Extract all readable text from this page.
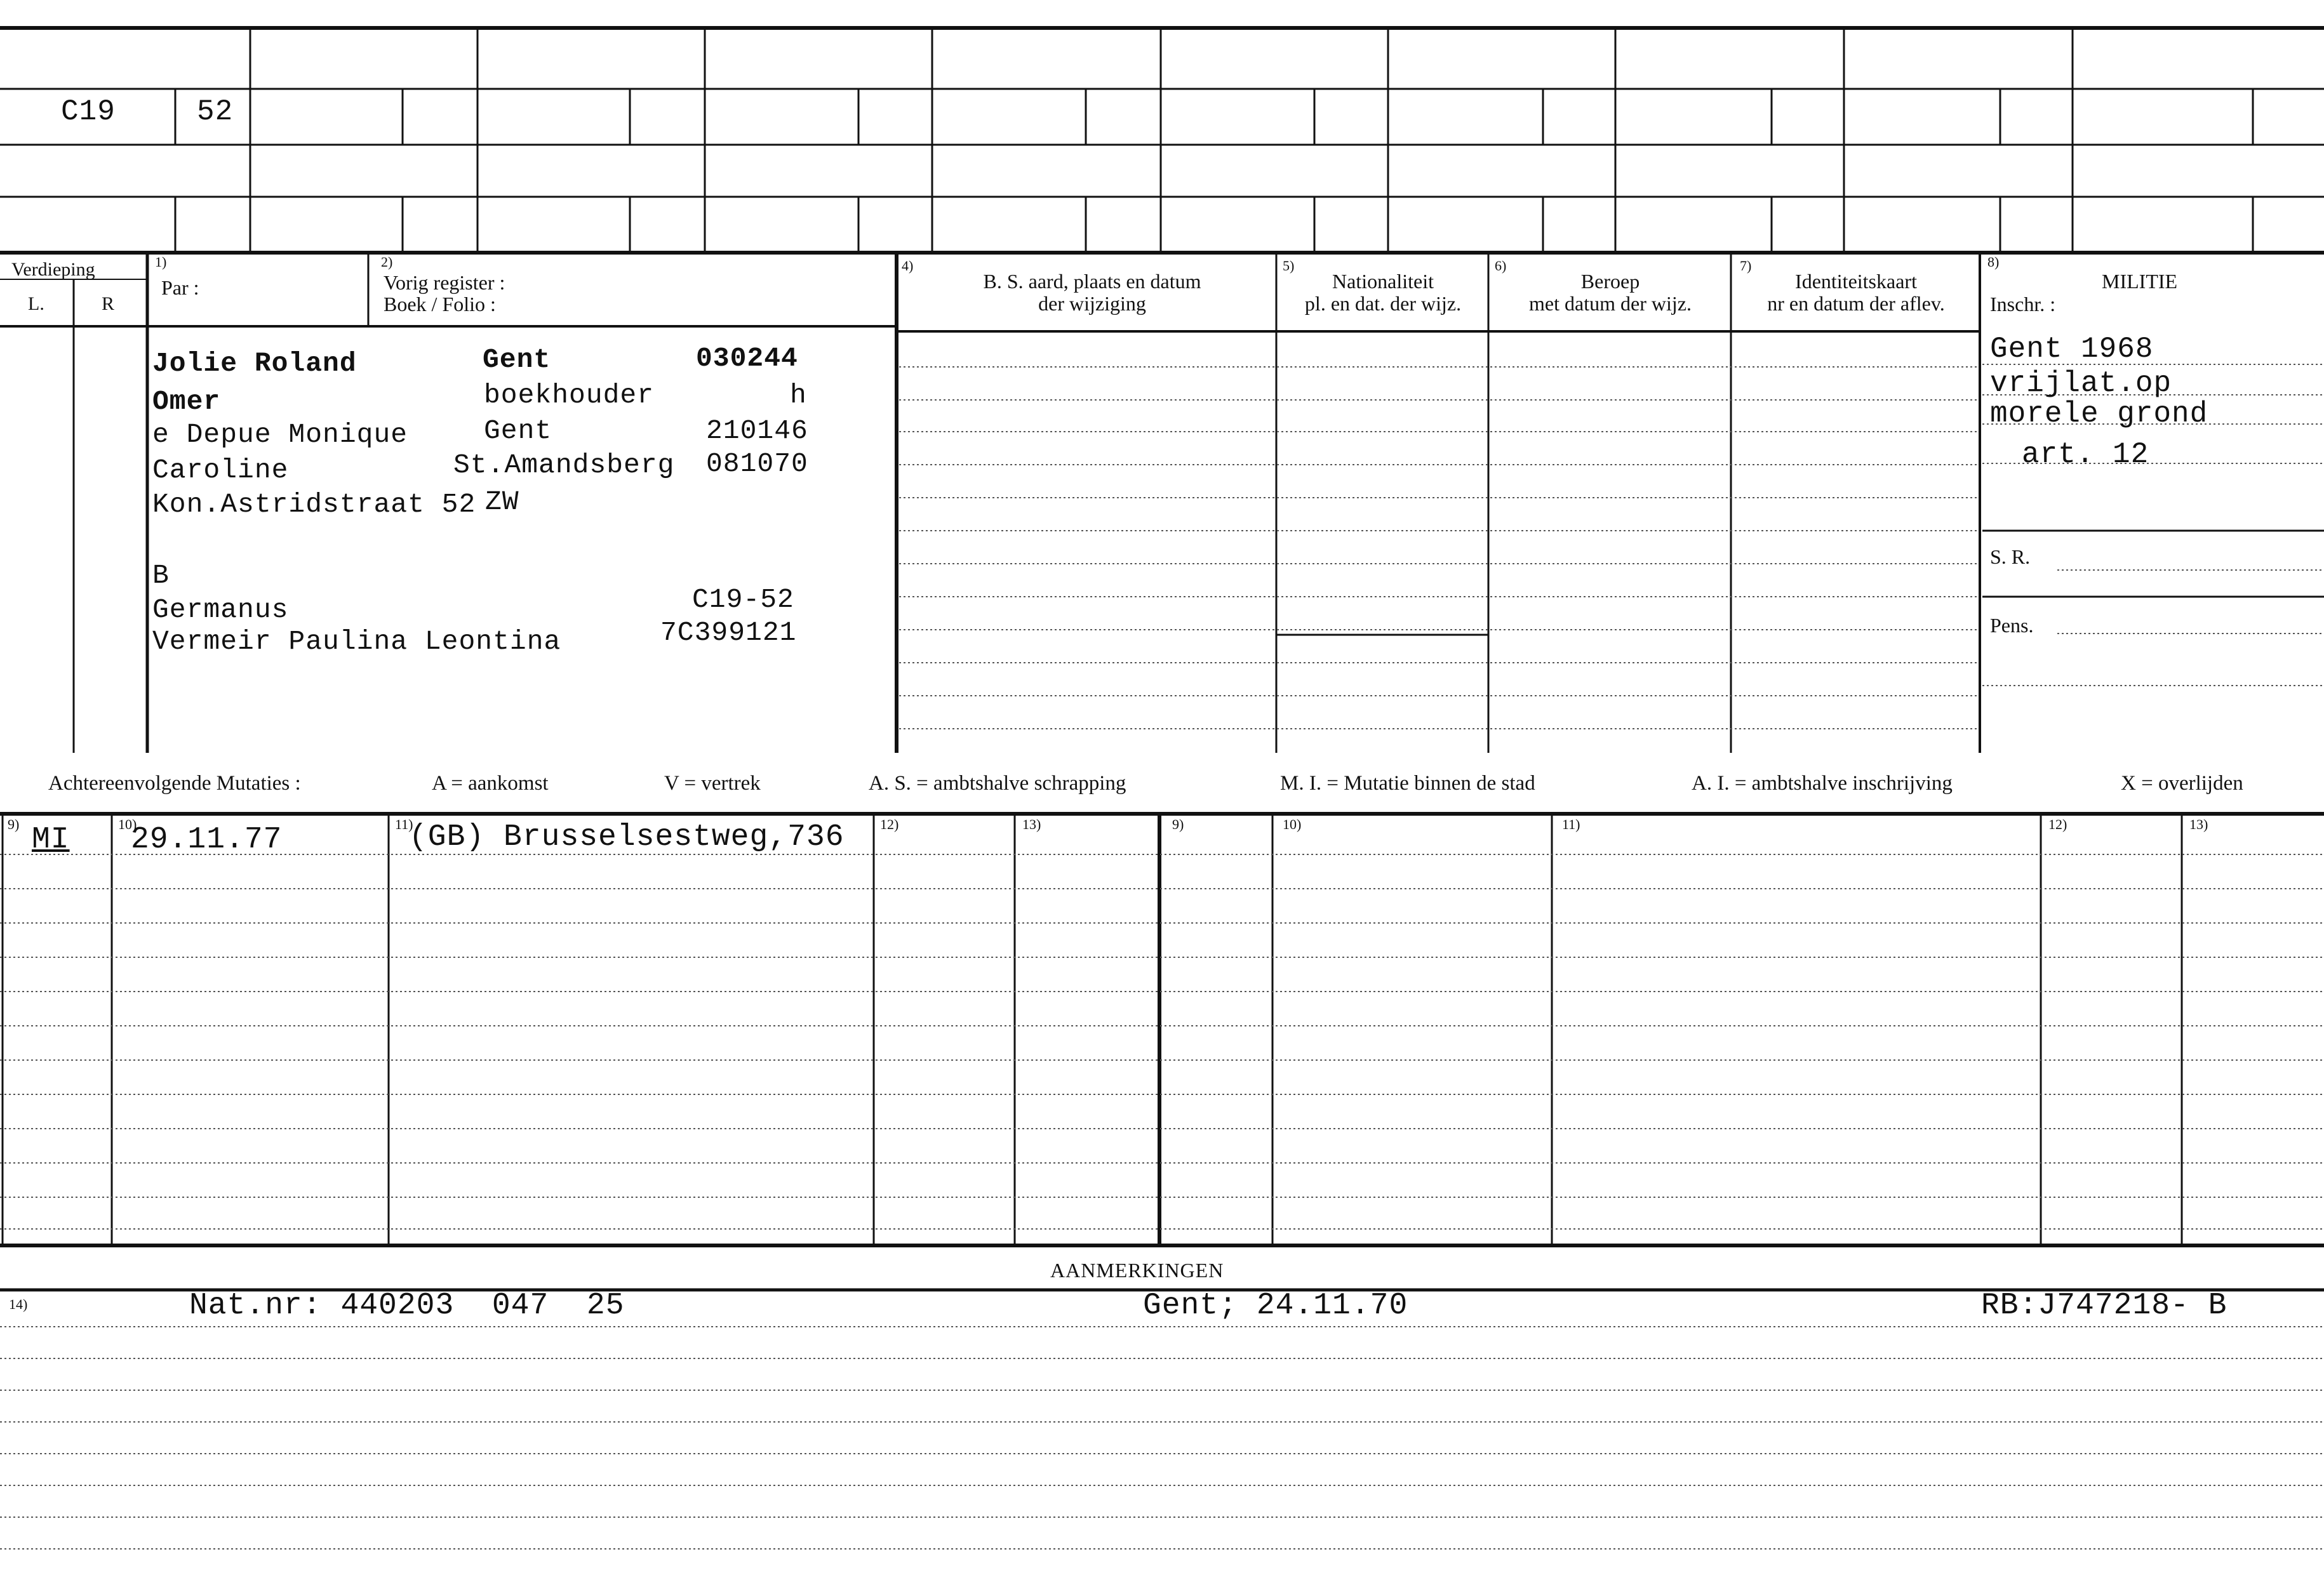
C19	52
Verdieping
L.	R
1)
Par :
2)
Vorig register :
Boek / Folio :
4)
B. S. aard, plaats en datum
der wijziging
5)
Nationaliteit
pl. en dat. der wijz.
6)
Beroep
met datum der wijz.
7)
Identiteitskaart
nr en datum der aflev.
8)
MILITIE
Inschr. :
S. R.
Pens.
Jolie Roland	Gent	030244
Omer	boekhouder	h
e Depue Monique	Gent	210146
Caroline	St.Amandsberg 081070
Kon.Astridstraat 52 ZW
B
Germanus	C19-52
Vermeir Paulina Leontina	7C399121
Gent 1968
vrijlat.op
morele grond
art. 12
Achtereenvolgende Mutaties :	A = aankomst	V = vertrek	A. S. = ambtshalve schrapping	M. I. = Mutatie binnen de stad	A. I. = ambtshalve inschrijving	X = overlijden
9)	10)	11)	12)	13)	9)	10)	11)	12)	13)
MI 29.11.77	(GB) Brusselsestweg,736
AANMERKINGEN
14)	Nat.nr: 440203  047  25	Gent; 24.11.70	RB:J747218- B
